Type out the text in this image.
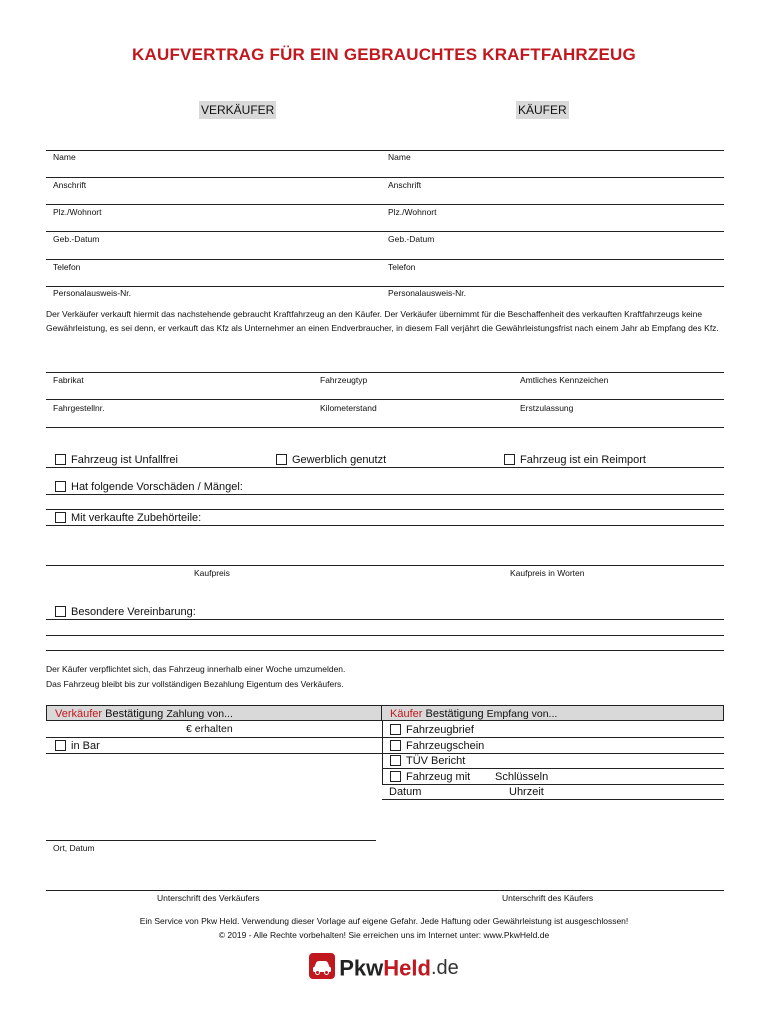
KAUFVERTRAG FÜR EIN GEBRAUCHTES KRAFTFAHRZEUG
VERKÄUFER	KÄUFER
Name	Name
Anschrift	Anschrift
Plz./Wohnort	Plz./Wohnort
Geb.-Datum	Geb.-Datum
Telefon	Telefon
Personalausweis-Nr.	Personalausweis-Nr.
Der Verkäufer verkauft hiermit das nachstehende gebraucht Kraftfahrzeug an den Käufer. Der Verkäufer übernimmt für die Beschaffenheit des verkauften Kraftfahrzeugs keine Gewährleistung, es sei denn, er verkauft das Kfz als Unternehmer an einen Endverbraucher, in diesem Fall verjährt die Gewährleistungsfrist nach einem Jahr ab Empfang des Kfz.
Fabrikat	Fahrzeugtyp	Amtliches Kennzeichen
Fahrgestellnr.	Kilometerstand	Erstzulassung
Fahrzeug ist Unfallfrei	Gewerblich genutzt	Fahrzeug ist ein Reimport
Hat folgende Vorschäden / Mängel:
Mit verkaufte Zubehörteile:
Kaufpreis	Kaufpreis in Worten
Besondere Vereinbarung:
Der Käufer verpflichtet sich, das Fahrzeug innerhalb einer Woche umzumelden.
Das Fahrzeug bleibt bis zur vollständigen Bezahlung Eigentum des Verkäufers.
Verkäufer Bestätigung Zahlung von...	Käufer Bestätigung Empfang von...
€ erhalten
in Bar
Fahrzeugbrief
Fahrzeugschein
TÜV Bericht
Fahrzeug mit Schlüsseln
Datum	Uhrzeit
Ort, Datum
Unterschrift des Verkäufers	Unterschrift des Käufers
Ein Service von Pkw Held. Verwendung dieser Vorlage auf eigene Gefahr. Jede Haftung oder Gewährleistung ist ausgeschlossen!
© 2019 - Alle Rechte vorbehalten! Sie erreichen uns im Internet unter: www.PkwHeld.de
PkwHeld.de
